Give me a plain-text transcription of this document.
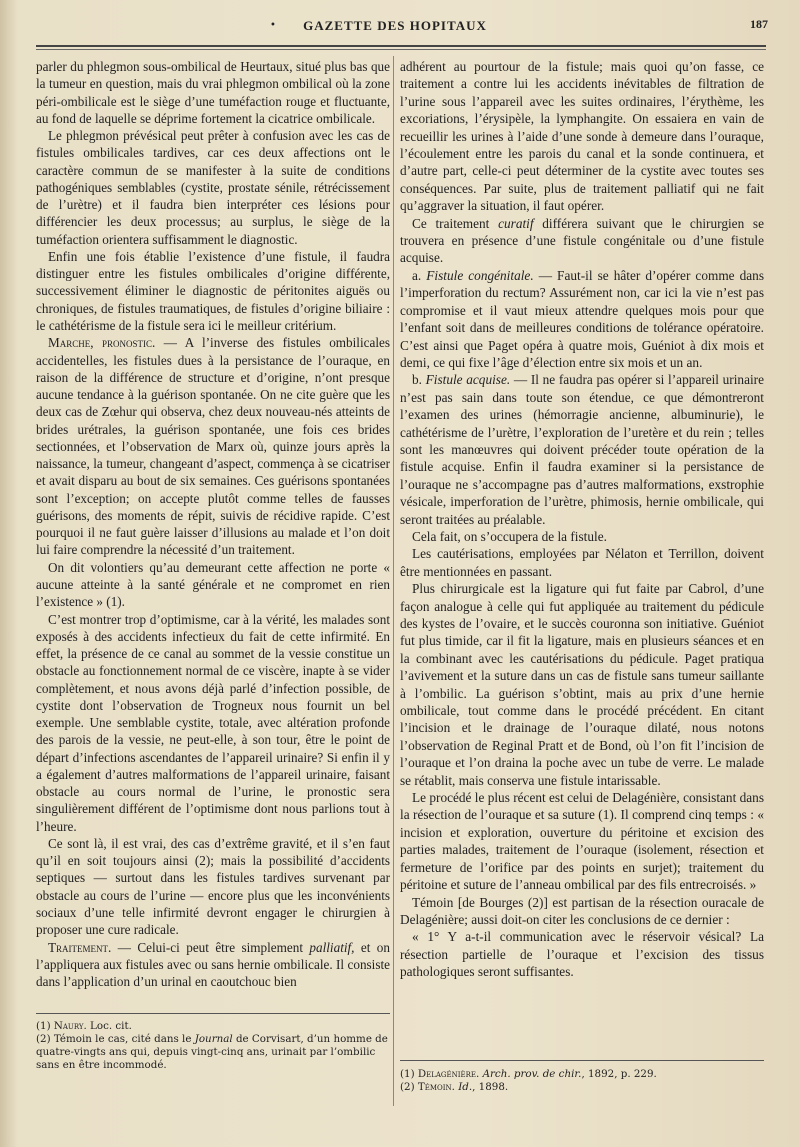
•	GAZETTE DES HOPITAUX	187

parler du phlegmon sous-ombilical de Heurtaux, situé plus bas que la tumeur en question, mais du vrai phlegmon ombilical où la zone péri-ombilicale est le siège d’une tuméfaction rouge et fluctuante, au fond de laquelle se déprime fortement la cicatrice ombilicale.

Le phlegmon prévésical peut prêter à confusion avec les cas de fistules ombilicales tardives, car ces deux affections ont le caractère commun de se manifester à la suite de conditions pathogéniques semblables (cystite, prostate sénile, rétrécissement de l’urètre) et il faudra bien interpréter ces lésions pour différencier les deux processus; au surplus, le siège de la tuméfaction orientera suffisamment le diagnostic.

Enfin une fois établie l’existence d’une fistule, il faudra distinguer entre les fistules ombilicales d’origine différente, successivement éliminer le diagnostic de péritonites aiguës ou chroniques, de fistules traumatiques, de fistules d’origine biliaire : le cathétérisme de la fistule sera ici le meilleur critérium.

Marche, pronostic. — A l’inverse des fistules ombilicales accidentelles, les fistules dues à la persistance de l’ouraque, en raison de la différence de structure et d’origine, n’ont presque aucune tendance à la guérison spontanée. On ne cite guère que les deux cas de Zœhur qui observa, chez deux nouveau-nés atteints de brides urétrales, la guérison spontanée, une fois ces brides sectionnées, et l’observation de Marx où, quinze jours après la naissance, la tumeur, changeant d’aspect, commença à se cicatriser et avait disparu au bout de six semaines. Ces guérisons spontanées sont l’exception; on accepte plutôt comme telles de fausses guérisons, des moments de répit, suivis de récidive rapide. C’est pourquoi il ne faut guère laisser d’illusions au malade et l’on doit lui faire comprendre la nécessité d’un traitement.

On dit volontiers qu’au demeurant cette affection ne porte « aucune atteinte à la santé générale et ne compromet en rien l’existence » (1).

C’est montrer trop d’optimisme, car à la vérité, les malades sont exposés à des accidents infectieux du fait de cette infirmité. En effet, la présence de ce canal au sommet de la vessie constitue un obstacle au fonctionnement normal de ce viscère, inapte à se vider complètement, et nous avons déjà parlé d’infection possible, de cystite dont l’observation de Trogneux nous fournit un bel exemple. Une semblable cystite, totale, avec altération profonde des parois de la vessie, ne peut-elle, à son tour, être le point de départ d’infections ascendantes de l’appareil urinaire? Si enfin il y a également d’autres malformations de l’appareil urinaire, faisant obstacle au cours normal de l’urine, le pronostic sera singulièrement différent de l’optimisme dont nous parlions tout à l’heure.

Ce sont là, il est vrai, des cas d’extrême gravité, et il s’en faut qu’il en soit toujours ainsi (2); mais la possibilité d’accidents septiques — surtout dans les fistules tardives survenant par obstacle au cours de l’urine — encore plus que les inconvénients sociaux d’une telle infirmité devront engager le chirurgien à proposer une cure radicale.

Traitement. — Celui-ci peut être simplement palliatif, et on l’appliquera aux fistules avec ou sans hernie ombilicale. Il consiste dans l’application d’un urinal en caoutchouc bien

(1) Naury. Loc. cit.

(2) Témoin le cas, cité dans le Journal de Corvisart, d’un homme de quatre-vingts ans qui, depuis vingt-cinq ans, urinait par l’ombilic sans en être incommodé.

adhérent au pourtour de la fistule; mais quoi qu’on fasse, ce traitement a contre lui les accidents inévitables de filtration de l’urine sous l’appareil avec les suites ordinaires, l’érythème, les excoriations, l’érysipèle, la lymphangite. On essaiera en vain de recueillir les urines à l’aide d’une sonde à demeure dans l’ouraque, l’écoulement entre les parois du canal et la sonde continuera, et d’autre part, celle-ci peut déterminer de la cystite avec toutes ses conséquences. Par suite, plus de traitement palliatif qui ne fait qu’aggraver la situation, il faut opérer.

Ce traitement curatif différera suivant que le chirurgien se trouvera en présence d’une fistule congénitale ou d’une fistule acquise.

a. Fistule congénitale. — Faut-il se hâter d’opérer comme dans l’imperforation du rectum? Assurément non, car ici la vie n’est pas compromise et il vaut mieux attendre quelques mois pour que l’enfant soit dans de meilleures conditions de tolérance opératoire. C’est ainsi que Paget opéra à quatre mois, Guéniot à dix mois et demi, ce qui fixe l’âge d’élection entre six mois et un an.

b. Fistule acquise. — Il ne faudra pas opérer si l’appareil urinaire n’est pas sain dans toute son étendue, ce que démontreront l’examen des urines (hémorragie ancienne, albuminurie), le cathétérisme de l’urètre, l’exploration de l’uretère et du rein ; telles sont les manœuvres qui doivent précéder toute opération de la fistule acquise. Enfin il faudra examiner si la persistance de l’ouraque ne s’accompagne pas d’autres malformations, exstrophie vésicale, imperforation de l’urètre, phimosis, hernie ombilicale, qui seront traitées au préalable.

Cela fait, on s’occupera de la fistule.

Les cautérisations, employées par Nélaton et Terrillon, doivent être mentionnées en passant.

Plus chirurgicale est la ligature qui fut faite par Cabrol, d’une façon analogue à celle qui fut appliquée au traitement du pédicule des kystes de l’ovaire, et le succès couronna son initiative. Guéniot fut plus timide, car il fit la ligature, mais en plusieurs séances et en la combinant avec les cautérisations du pédicule. Paget pratiqua l’avivement et la suture dans un cas de fistule sans tumeur saillante à l’ombilic. La guérison s’obtint, mais au prix d’une hernie ombilicale, tout comme dans le procédé précédent. En citant l’incision et le drainage de l’ouraque dilaté, nous notons l’observation de Reginal Pratt et de Bond, où l’on fit l’incision de l’ouraque et l’on draina la poche avec un tube de verre. Le malade se rétablit, mais conserva une fistule intarissable.

Le procédé le plus récent est celui de Delagénière, consistant dans la résection de l’ouraque et sa suture (1). Il comprend cinq temps : « incision et exploration, ouverture du péritoine et excision des parties malades, traitement de l’ouraque (isolement, résection et fermeture de l’orifice par des points en surjet); traitement du péritoine et suture de l’anneau ombilical par des fils entrecroisés. »

Témoin [de Bourges (2)] est partisan de la résection ouracale de Delagénière; aussi doit-on citer les conclusions de ce dernier :

« 1° Y a-t-il communication avec le réservoir vésical? La résection partielle de l’ouraque et l’excision des tissus pathologiques seront suffisantes.

(1) Delagénière. Arch. prov. de chir., 1892, p. 229.

(2) Témoin. Id., 1898.
